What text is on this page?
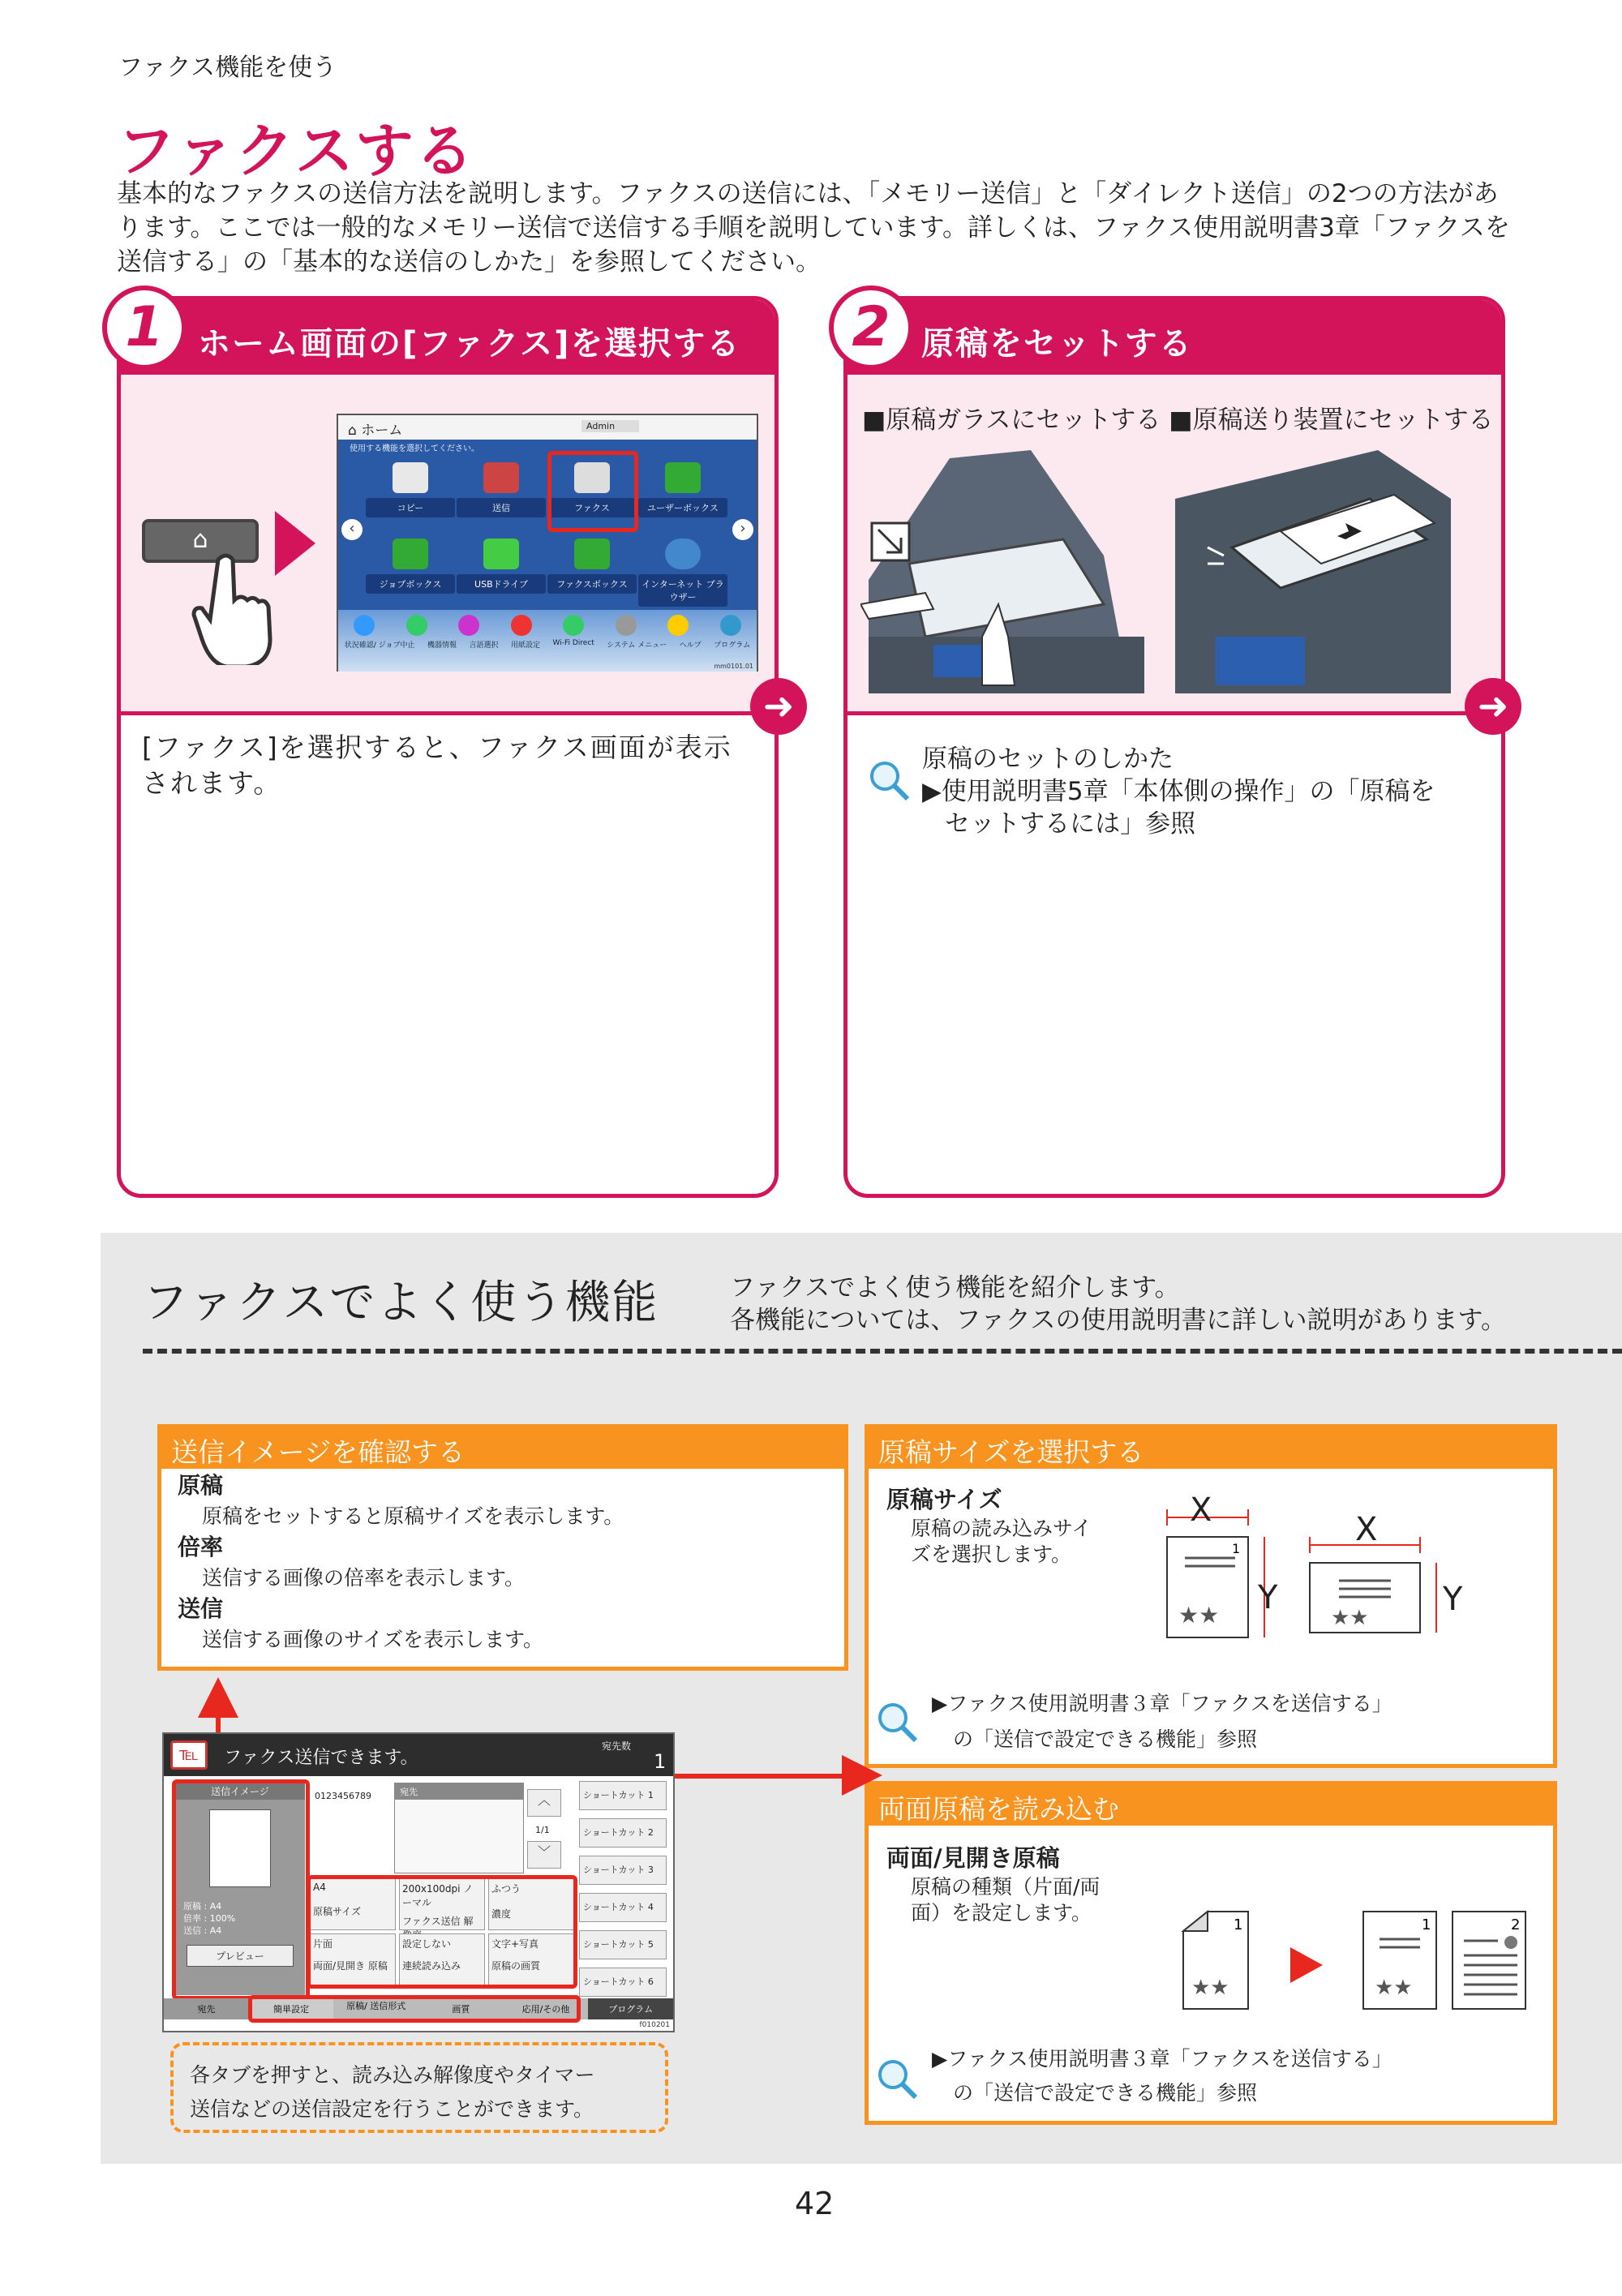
ファクス機能を使う
ファクスする
基本的なファクスの送信方法を説明します。ファクスの送信には、「メモリー送信」と「ダイレクト送信」の2つの方法があります。ここでは一般的なメモリー送信で送信する手順を説明しています。詳しくは、ファクス使用説明書3章「ファクスを送信する」の「基本的な送信のしかた」を参照してください。
ホーム画面の[ファクス]を選択する
⌂
⌂ ホーム	Admin
使用する機能を選択してください。
‹	›
コピー	送信	ファクス	ユーザーボックス
ジョブボックス	USBドライブ	ファクスボックス	インターネット ブラウザー
状況確認/ ジョブ中止 機器情報 言語選択 用紙設定 Wi-Fi Direct システム メニュー ヘルプ プログラム
mm0101.01
[ファクス]を選択すると、ファクス画面が表示されます。
1
➜
原稿をセットする
■原稿ガラスにセットする ■原稿送り装置にセットする
原稿のセットのしかた
▶使用説明書5章「本体側の操作」の「原稿を
セットするには」参照
2
➜
ファクスでよく使う機能	ファクスでよく使う機能を紹介します。
各機能については、ファクスの使用説明書に詳しい説明があります。
送信イメージを確認する
原稿
原稿をセットすると原稿サイズを表示します。
倍率
送信する画像の倍率を表示します。
送信
送信する画像のサイズを表示します。
原稿サイズを選択する
原稿サイズ
原稿の読み込みサイ
ズを選択します。	1
★★	★★
X
Y
X
Y
▶ファクス使用説明書３章「ファクスを送信する」
の「送信で設定できる機能」参照
両面原稿を読み込む
両面/見開き原稿
原稿の種類（片面/両
面）を設定します。
1
★★
1
★★
2
▶ファクス使用説明書３章「ファクスを送信する」
の「送信で設定できる機能」参照
℡	ファクス送信できます。
宛先数
1
送信イメージ
原稿 : A4
倍率 : 100%
送信 : A4
プレビュー
0123456789	宛先
︿
1/1
﹀
ショートカット 1
ショートカット 2
ショートカット 3
ショートカット 4
ショートカット 5
ショートカット 6
A4
原稿サイズ
200x100dpi ノーマル
ファクス送信 解
ふつう
濃度
片面
両面/見開き 原稿
設定しない
連続読み込み
文字+写真
原稿の画質
宛先	簡単設定	原稿/ 送信形式	画質	応用/その他	プログラム
f010201
各タブを押すと、読み込み解像度やタイマー
送信などの送信設定を行うことができます。
42
